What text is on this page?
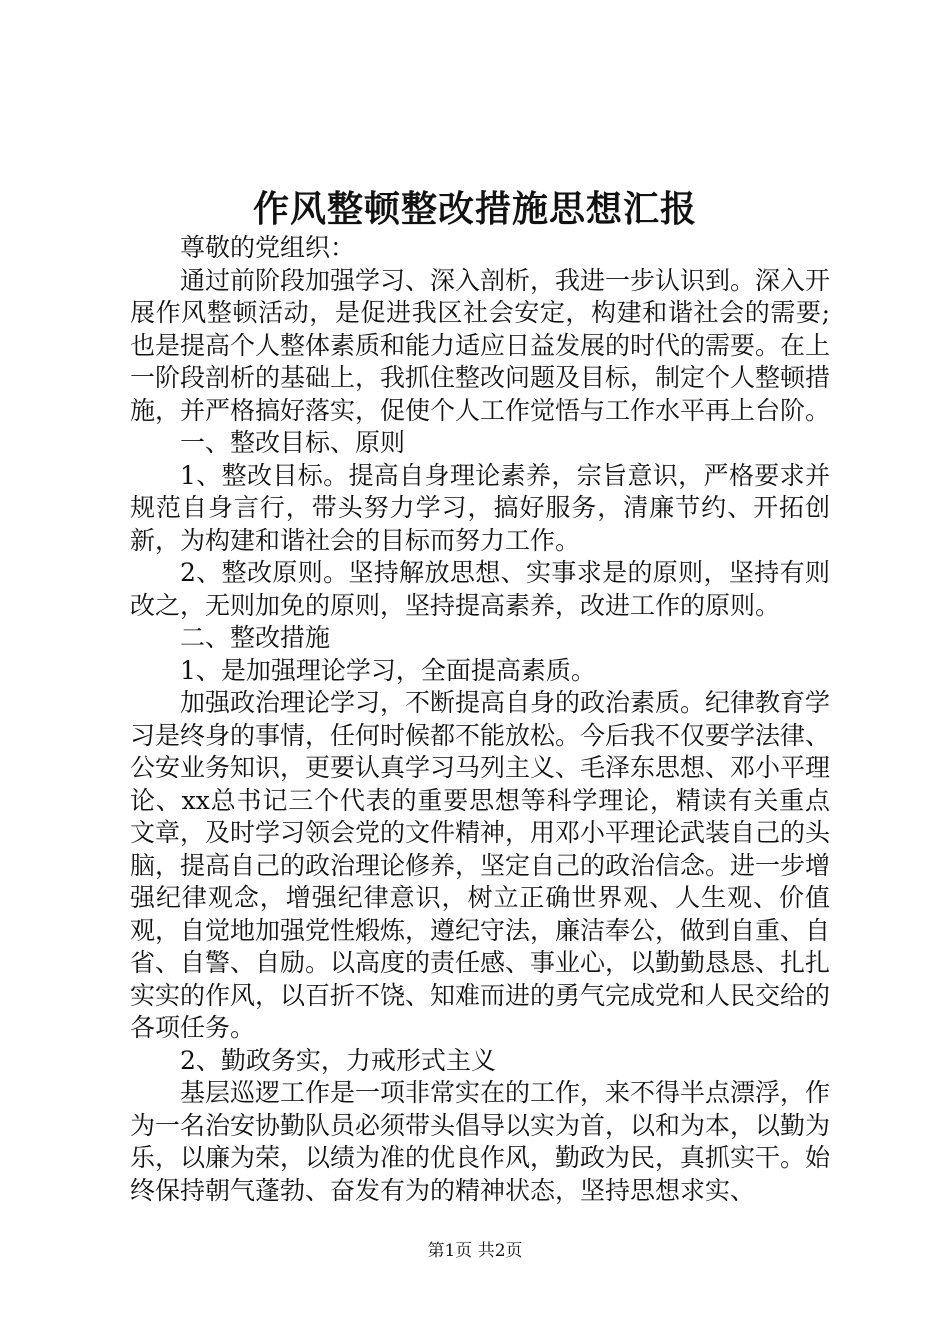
作风整顿整改措施思想汇报

尊敬的党组织：

通过前阶段加强学习、深入剖析，我进一步认识到。深入开展作风整顿活动，是促进我区社会安定，构建和谐社会的需要;也是提高个人整体素质和能力适应日益发展的时代的需要。在上一阶段剖析的基础上，我抓住整改问题及目标，制定个人整顿措施，并严格搞好落实，促使个人工作觉悟与工作水平再上台阶。

一、整改目标、原则

1、整改目标。提高自身理论素养，宗旨意识，严格要求并规范自身言行，带头努力学习，搞好服务，清廉节约、开拓创新，为构建和谐社会的目标而努力工作。

2、整改原则。坚持解放思想、实事求是的原则，坚持有则改之，无则加免的原则，坚持提高素养，改进工作的原则。

二、整改措施

1、是加强理论学习，全面提高素质。

加强政治理论学习，不断提高自身的政治素质。纪律教育学习是终身的事情，任何时候都不能放松。今后我不仅要学法律、公安业务知识，更要认真学习马列主义、毛泽东思想、邓小平理论、xx总书记三个代表的重要思想等科学理论，精读有关重点文章，及时学习领会党的文件精神，用邓小平理论武装自己的头脑，提高自己的政治理论修养，坚定自己的政治信念。进一步增强纪律观念，增强纪律意识，树立正确世界观、人生观、价值观，自觉地加强党性煅炼，遵纪守法，廉洁奉公，做到自重、自省、自警、自励。以高度的责任感、事业心，以勤勤恳恳、扎扎实实的作风，以百折不饶、知难而进的勇气完成党和人民交给的各项任务。

2、勤政务实，力戒形式主义

基层巡逻工作是一项非常实在的工作，来不得半点漂浮，作为一名治安协勤队员必须带头倡导以实为首，以和为本，以勤为乐，以廉为荣，以绩为准的优良作风，勤政为民，真抓实干。始终保持朝气蓬勃、奋发有为的精神状态，坚持思想求实、

第1页 共2页
